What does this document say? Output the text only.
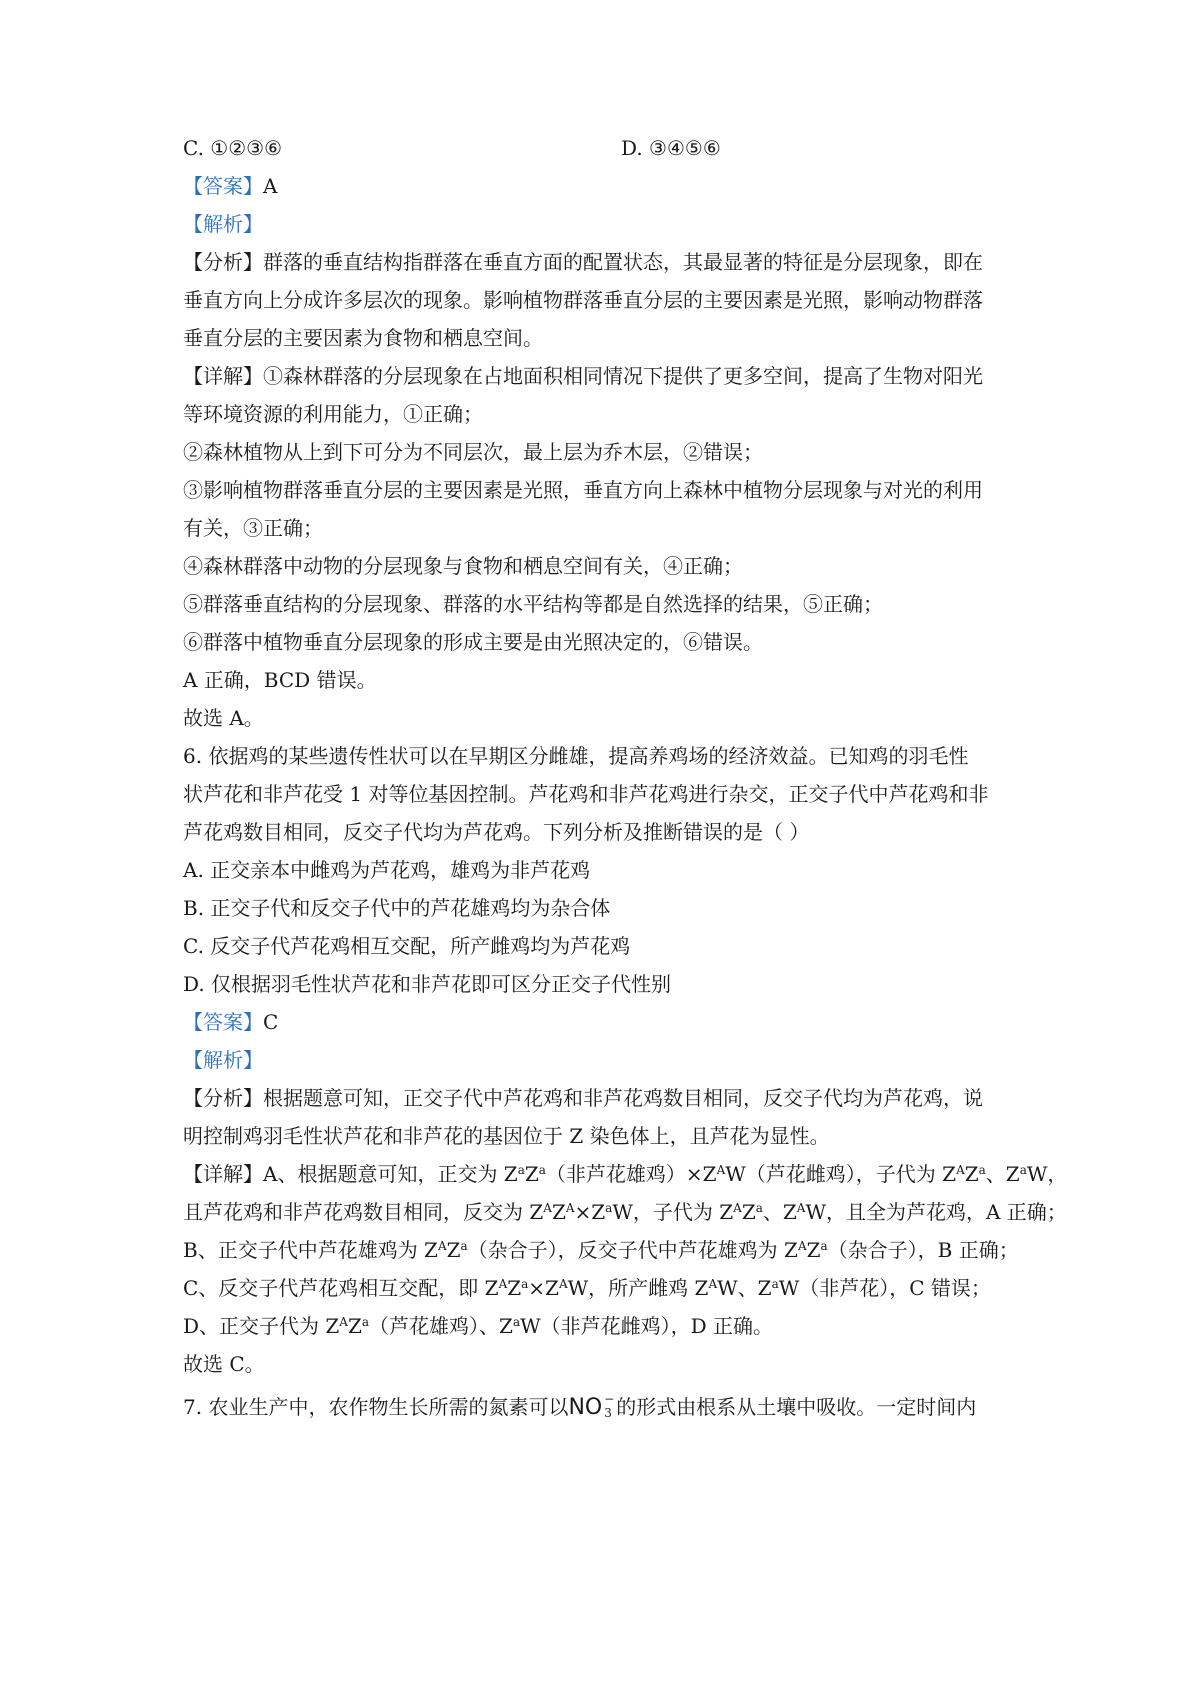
C. ①②③⑥	D. ③④⑤⑥
【答案】A
【解析】
【分析】群落的垂直结构指群落在垂直方面的配置状态，其最显著的特征是分层现象，即在
垂直方向上分成许多层次的现象。影响植物群落垂直分层的主要因素是光照，影响动物群落
垂直分层的主要因素为食物和栖息空间。
【详解】①森林群落的分层现象在占地面积相同情况下提供了更多空间，提高了生物对阳光
等环境资源的利用能力，①正确；
②森林植物从上到下可分为不同层次，最上层为乔木层，②错误；
③影响植物群落垂直分层的主要因素是光照，垂直方向上森林中植物分层现象与对光的利用
有关，③正确；
④森林群落中动物的分层现象与食物和栖息空间有关，④正确；
⑤群落垂直结构的分层现象、群落的水平结构等都是自然选择的结果，⑤正确；
⑥群落中植物垂直分层现象的形成主要是由光照决定的，⑥错误。
A 正确，BCD 错误。
故选 A。
6. 依据鸡的某些遗传性状可以在早期区分雌雄，提高养鸡场的经济效益。已知鸡的羽毛性
状芦花和非芦花受 1 对等位基因控制。芦花鸡和非芦花鸡进行杂交，正交子代中芦花鸡和非
芦花鸡数目相同，反交子代均为芦花鸡。下列分析及推断错误的是（ ）
A. 正交亲本中雌鸡为芦花鸡，雄鸡为非芦花鸡
B. 正交子代和反交子代中的芦花雄鸡均为杂合体
C. 反交子代芦花鸡相互交配，所产雌鸡均为芦花鸡
D. 仅根据羽毛性状芦花和非芦花即可区分正交子代性别
【答案】C
【解析】
【分析】根据题意可知，正交子代中芦花鸡和非芦花鸡数目相同，反交子代均为芦花鸡，说
明控制鸡羽毛性状芦花和非芦花的基因位于 Z 染色体上，且芦花为显性。
【详解】A、根据题意可知，正交为 $Z^aZ^a$（非芦花雄鸡）$\times Z^AW$（芦花雌鸡），子代为 $Z^AZ^a$、$Z^aW$，
且芦花鸡和非芦花鸡数目相同，反交为 $Z^AZ^A\times Z^aW$，子代为 $Z^AZ^a$、$Z^AW$，且全为芦花鸡，A 正确；
B、正交子代中芦花雄鸡为 $Z^AZ^a$（杂合子），反交子代中芦花雄鸡为 $Z^AZ^a$（杂合子），B 正确；
C、反交子代芦花鸡相互交配，即 $Z^AZ^a\times Z^AW$，所产雌鸡 $Z^AW$、$Z^aW$（非芦花），C 错误；
D、正交子代为 $Z^AZ^a$（芦花雄鸡）、$Z^aW$（非芦花雌鸡），D 正确。
故选 C。
7. 农业生产中，农作物生长所需的氮素可以NO −
3 的形式由根系从土壤中吸收。一定时间内
